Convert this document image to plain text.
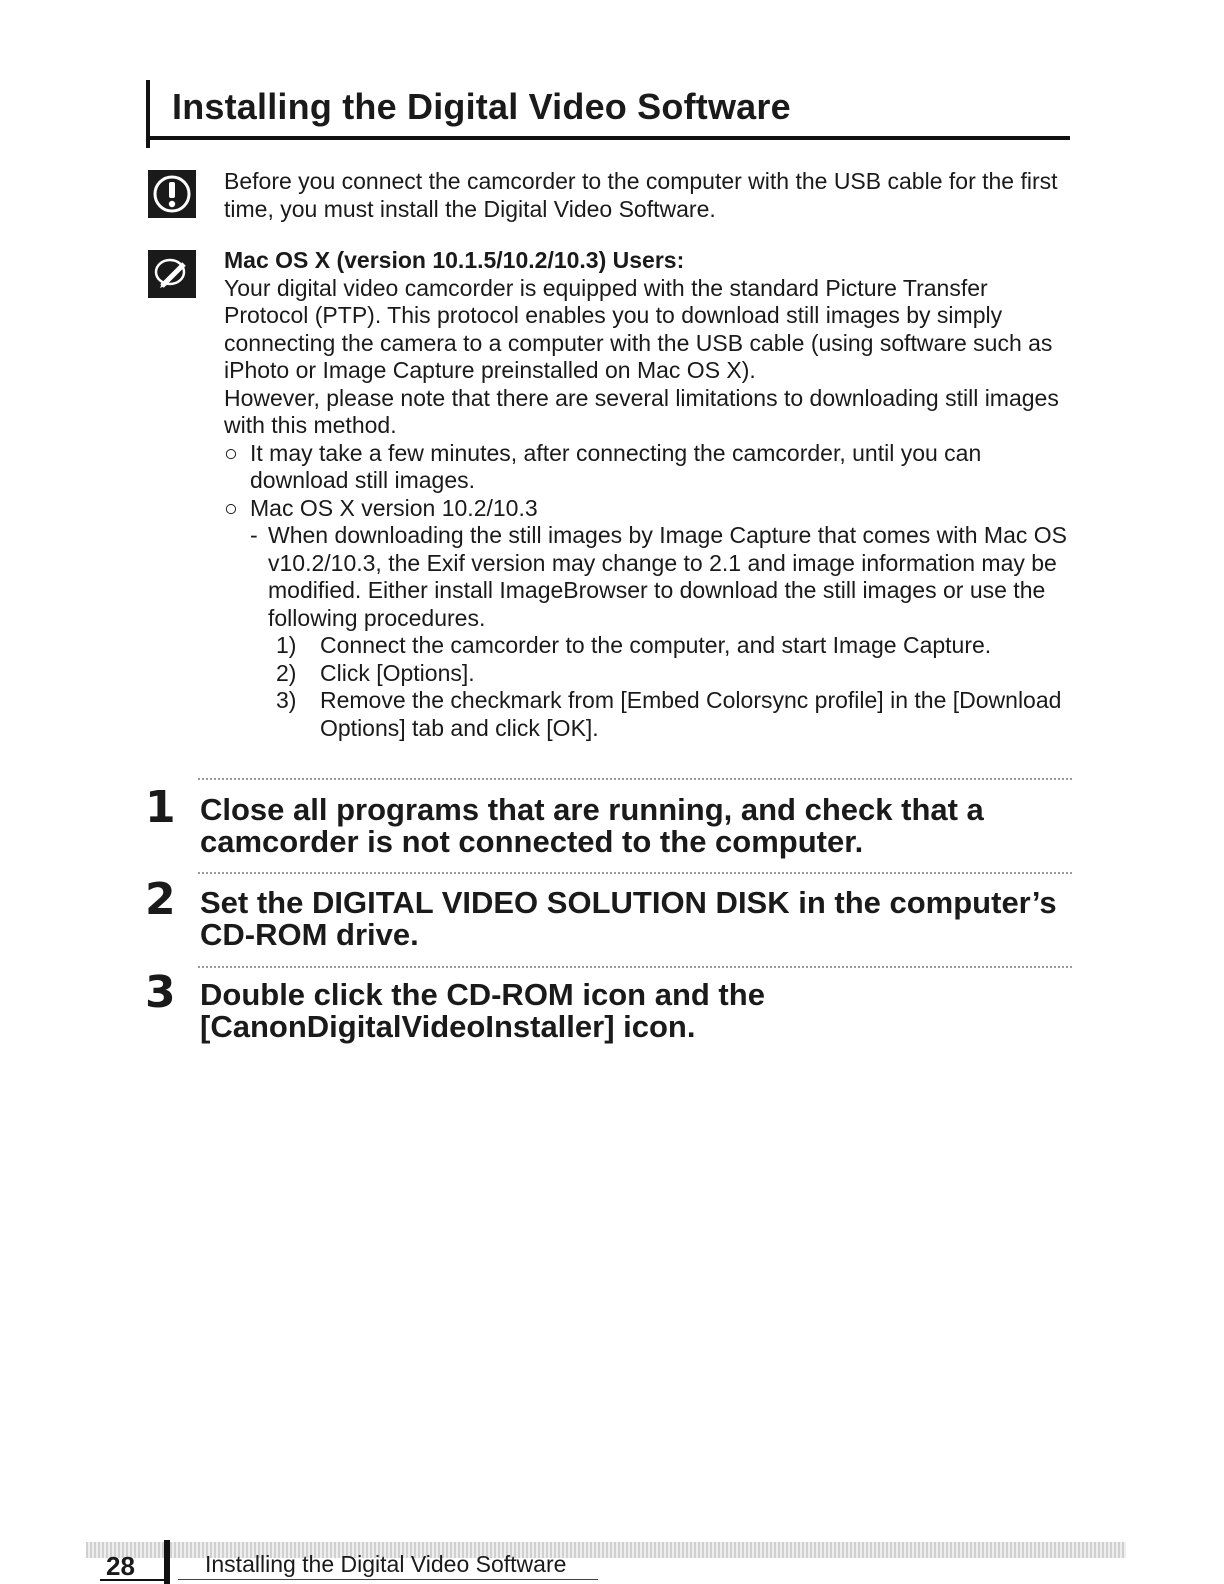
Installing the Digital Video Software
Before you connect the camcorder to the computer with the USB cable for the first time, you must install the Digital Video Software.
Mac OS X (version 10.1.5/10.2/10.3) Users:
Your digital video camcorder is equipped with the standard Picture Transfer Protocol (PTP). This protocol enables you to download still images by simply connecting the camera to a computer with the USB cable (using software such as iPhoto or Image Capture preinstalled on Mac OS X).
However, please note that there are several limitations to downloading still images with this method.
○ It may take a few minutes, after connecting the camcorder, until you can download still images.
○ Mac OS X version 10.2/10.3
- When downloading the still images by Image Capture that comes with Mac OS v10.2/10.3, the Exif version may change to 2.1 and image information may be modified. Either install ImageBrowser to download the still images or use the following procedures.
1) Connect the camcorder to the computer, and start Image Capture.
2) Click [Options].
3) Remove the checkmark from [Embed Colorsync profile] in the [Download Options] tab and click [OK].
1 Close all programs that are running, and check that a camcorder is not connected to the computer.
2 Set the DIGITAL VIDEO SOLUTION DISK in the computer’s CD-ROM drive.
3 Double click the CD-ROM icon and the [CanonDigitalVideoInstaller] icon.
28	Installing the Digital Video Software
